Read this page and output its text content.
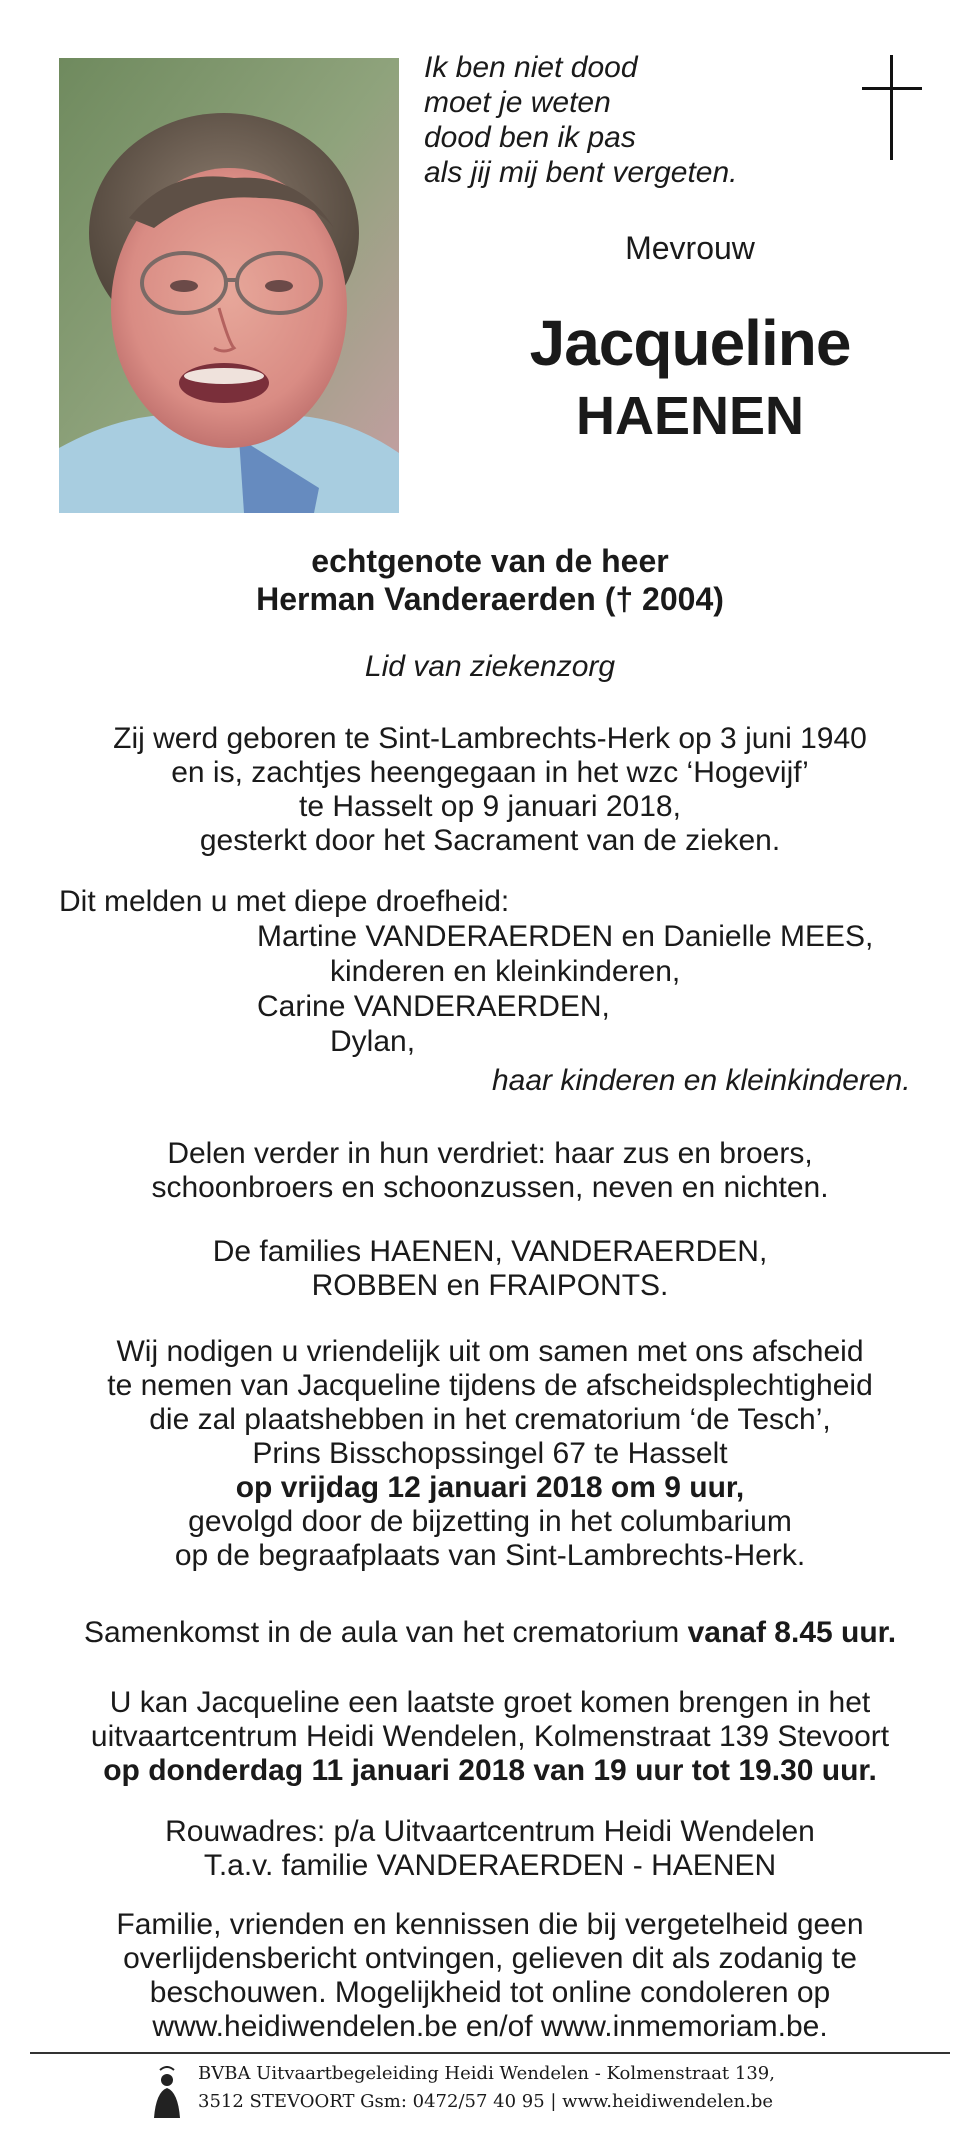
Ik ben niet dood
moet je weten
dood ben ik pas
als jij mij bent vergeten.
Mevrouw
Jacqueline
HAENEN
echtgenote van de heer
Herman Vanderaerden († 2004)
Lid van ziekenzorg
Zij werd geboren te Sint-Lambrechts-Herk op 3 juni 1940
en is, zachtjes heengegaan in het wzc ‘Hogevijf’
te Hasselt op 9 januari 2018,
gesterkt door het Sacrament van de zieken.
Dit melden u met diepe droefheid:
Martine VANDERAERDEN en Danielle MEES,
kinderen en kleinkinderen,
Carine VANDERAERDEN,
Dylan,
haar kinderen en kleinkinderen.
Delen verder in hun verdriet: haar zus en broers,
schoonbroers en schoonzussen, neven en nichten.
De families HAENEN, VANDERAERDEN,
ROBBEN en FRAIPONTS.
Wij nodigen u vriendelijk uit om samen met ons afscheid
te nemen van Jacqueline tijdens de afscheidsplechtigheid
die zal plaatshebben in het crematorium ‘de Tesch’,
Prins Bisschopssingel 67 te Hasselt
op vrijdag 12 januari 2018 om 9 uur,
gevolgd door de bijzetting in het columbarium
op de begraafplaats van Sint-Lambrechts-Herk.
Samenkomst in de aula van het crematorium vanaf 8.45 uur.
U kan Jacqueline een laatste groet komen brengen in het
uitvaartcentrum Heidi Wendelen, Kolmenstraat 139 Stevoort
op donderdag 11 januari 2018 van 19 uur tot 19.30 uur.
Rouwadres: p/a Uitvaartcentrum Heidi Wendelen
T.a.v. familie VANDERAERDEN - HAENEN
Familie, vrienden en kennissen die bij vergetelheid geen
overlijdensbericht ontvingen, gelieven dit als zodanig te
beschouwen. Mogelijkheid tot online condoleren op
www.heidiwendelen.be en/of www.inmemoriam.be.
BVBA Uitvaartbegeleiding Heidi Wendelen - Kolmenstraat 139,
3512 STEVOORT Gsm: 0472/57 40 95 | www.heidiwendelen.be
